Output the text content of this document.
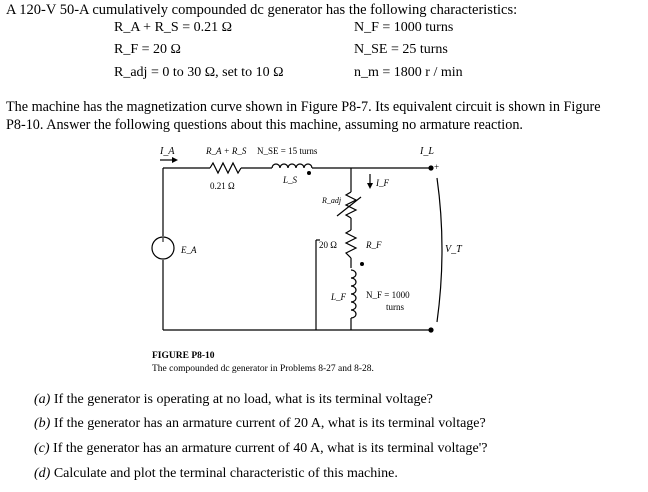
A 120-V 50-A cumulatively compounded dc generator has the following characteristics:
R_A + R_S = 0.21 Ω
R_F = 20 Ω
R_adj = 0 to 30 Ω, set to 10 Ω
N_F = 1000 turns
N_SE = 25 turns
n_m = 1800 r / min
The machine has the magnetization curve shown in Figure P8-7. Its equivalent circuit is shown in Figure
P8-10. Answer the following questions about this machine, assuming no armature reaction.
I_A	R_A + R_S N_SE = 15 turns
0.21 Ω
L_S
R_adj
I_F
I_L
+
E_A	20 Ω	R_F
L_F N_F = 1000
turns
V_T
FIGURE P8-10
The compounded dc generator in Problems 8-27 and 8-28.
(a) If the generator is operating at no load, what is its terminal voltage?
(b) If the generator has an armature current of 20 A, what is its terminal voltage?
(c) If the generator has an armature current of 40 A, what is its terminal voltage'?
(d) Calculate and plot the terminal characteristic of this machine.
